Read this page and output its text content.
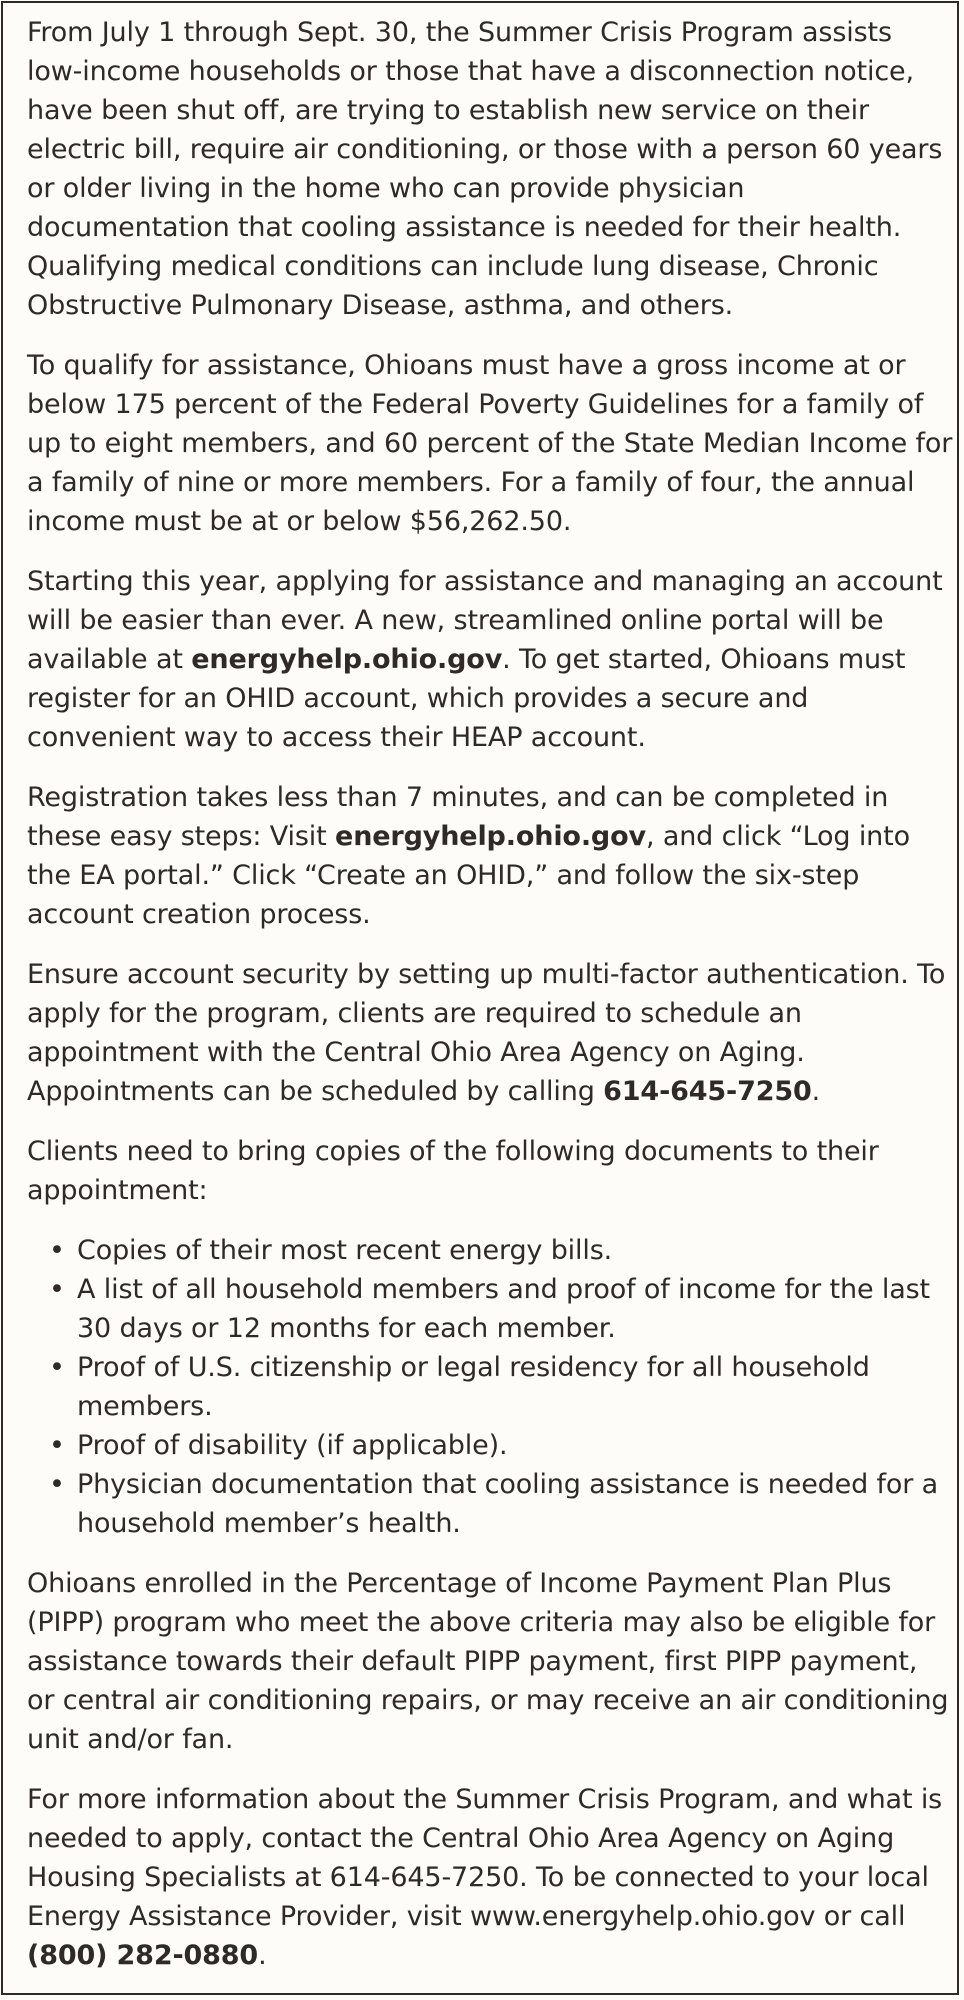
From July 1 through Sept. 30, the Summer Crisis Program assists low-income households or those that have a disconnection notice, have been shut off, are trying to establish new service on their electric bill, require air conditioning, or those with a person 60 years or older living in the home who can provide physician documentation that cooling assistance is needed for their health. Qualifying medical conditions can include lung disease, Chronic Obstructive Pulmonary Disease, asthma, and others.

To qualify for assistance, Ohioans must have a gross income at or below 175 percent of the Federal Poverty Guidelines for a family of up to eight members, and 60 percent of the State Median Income for a family of nine or more members. For a family of four, the annual income must be at or below $56,262.50.

Starting this year, applying for assistance and managing an account will be easier than ever. A new, streamlined online portal will be available at energyhelp.ohio.gov. To get started, Ohioans must register for an OHID account, which provides a secure and convenient way to access their HEAP account.

Registration takes less than 7 minutes, and can be completed in these easy steps: Visit energyhelp.ohio.gov, and click “Log into the EA portal.” Click “Create an OHID,” and follow the six-step account creation process.

Ensure account security by setting up multi-factor authentication. To apply for the program, clients are required to schedule an appointment with the Central Ohio Area Agency on Aging. Appointments can be scheduled by calling 614-645-7250.

Clients need to bring copies of the following documents to their appointment:

• Copies of their most recent energy bills.
• A list of all household members and proof of income for the last 30 days or 12 months for each member.
• Proof of U.S. citizenship or legal residency for all household members.
• Proof of disability (if applicable).
• Physician documentation that cooling assistance is needed for a household member’s health.

Ohioans enrolled in the Percentage of Income Payment Plan Plus (PIPP) program who meet the above criteria may also be eligible for assistance towards their default PIPP payment, first PIPP payment, or central air conditioning repairs, or may receive an air conditioning unit and/or fan.

For more information about the Summer Crisis Program, and what is needed to apply, contact the Central Ohio Area Agency on Aging Housing Specialists at 614-645-7250. To be connected to your local Energy Assistance Provider, visit www.energyhelp.ohio.gov or call (800) 282-0880.
